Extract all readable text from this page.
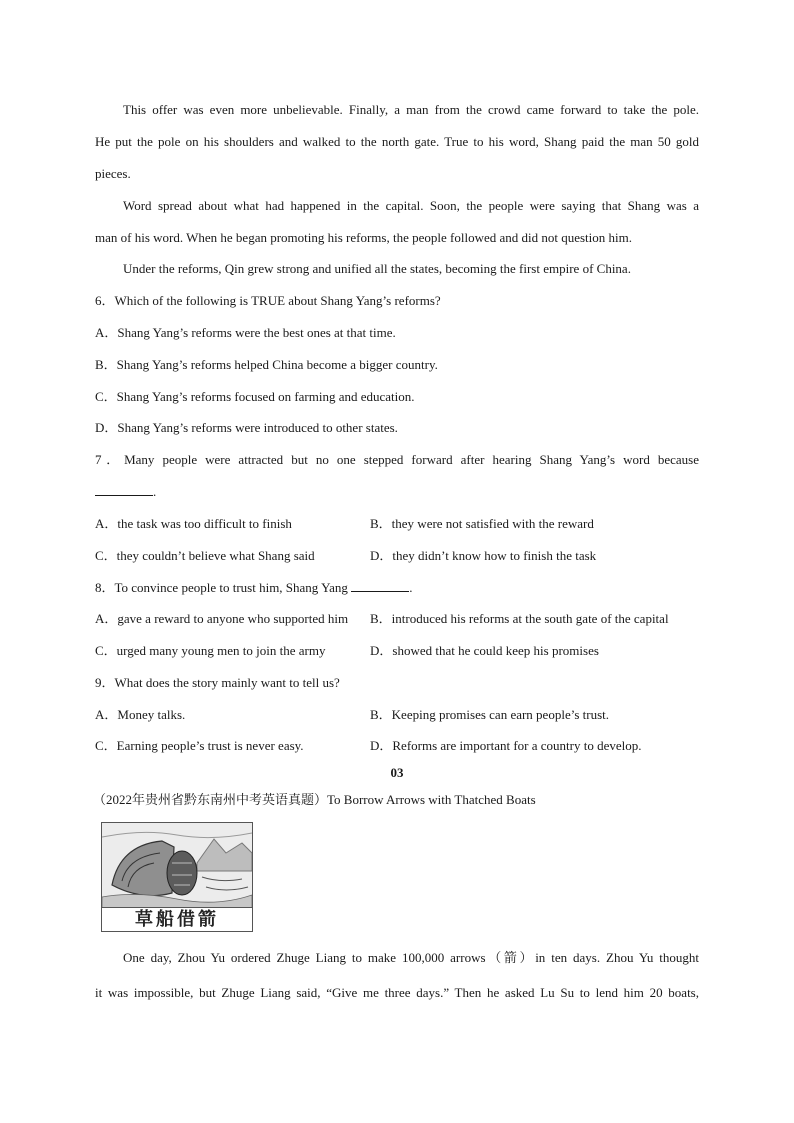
This offer was even more unbelievable. Finally, a man from the crowd came forward to take the pole.
He put the pole on his shoulders and walked to the north gate. True to his word, Shang paid the man 50 gold
pieces.
Word spread about what had happened in the capital. Soon, the people were saying that Shang was a
man of his word. When he began promoting his reforms, the people followed and did not question him.
Under the reforms, Qin grew strong and unified all the states, becoming the first empire of China.
6．Which of the following is TRUE about Shang Yang’s reforms?
A．Shang Yang’s reforms were the best ones at that time.
B．Shang Yang’s reforms helped China become a bigger country.
C．Shang Yang’s reforms focused on farming and education.
D．Shang Yang’s reforms were introduced to other states.
7．Many people were attracted but no one stepped forward after hearing Shang Yang’s word because
.
A．the task was too difficult to finish	B．they were not satisfied with the reward
C．they couldn’t believe what Shang said	D．they didn’t know how to finish the task
8．To convince people to trust him, Shang Yang	.
A．gave a reward to anyone who supported him	B．introduced his reforms at the south gate of the capital
C．urged many young men to join the army	D．showed that he could keep his promises
9．What does the story mainly want to tell us?
A．Money talks.	B．Keeping promises can earn people’s trust.
C．Earning people’s trust is never easy.	D．Reforms are important for a country to develop.
03
（2022年贵州省黔东南州中考英语真题）To Borrow Arrows with Thatched Boats
草船借箭
One day, Zhou Yu ordered Zhuge Liang to make 100,000 arrows（箭）in ten days. Zhou Yu thought
it was impossible, but Zhuge Liang said, “Give me three days.” Then he asked Lu Su to lend him 20 boats,
